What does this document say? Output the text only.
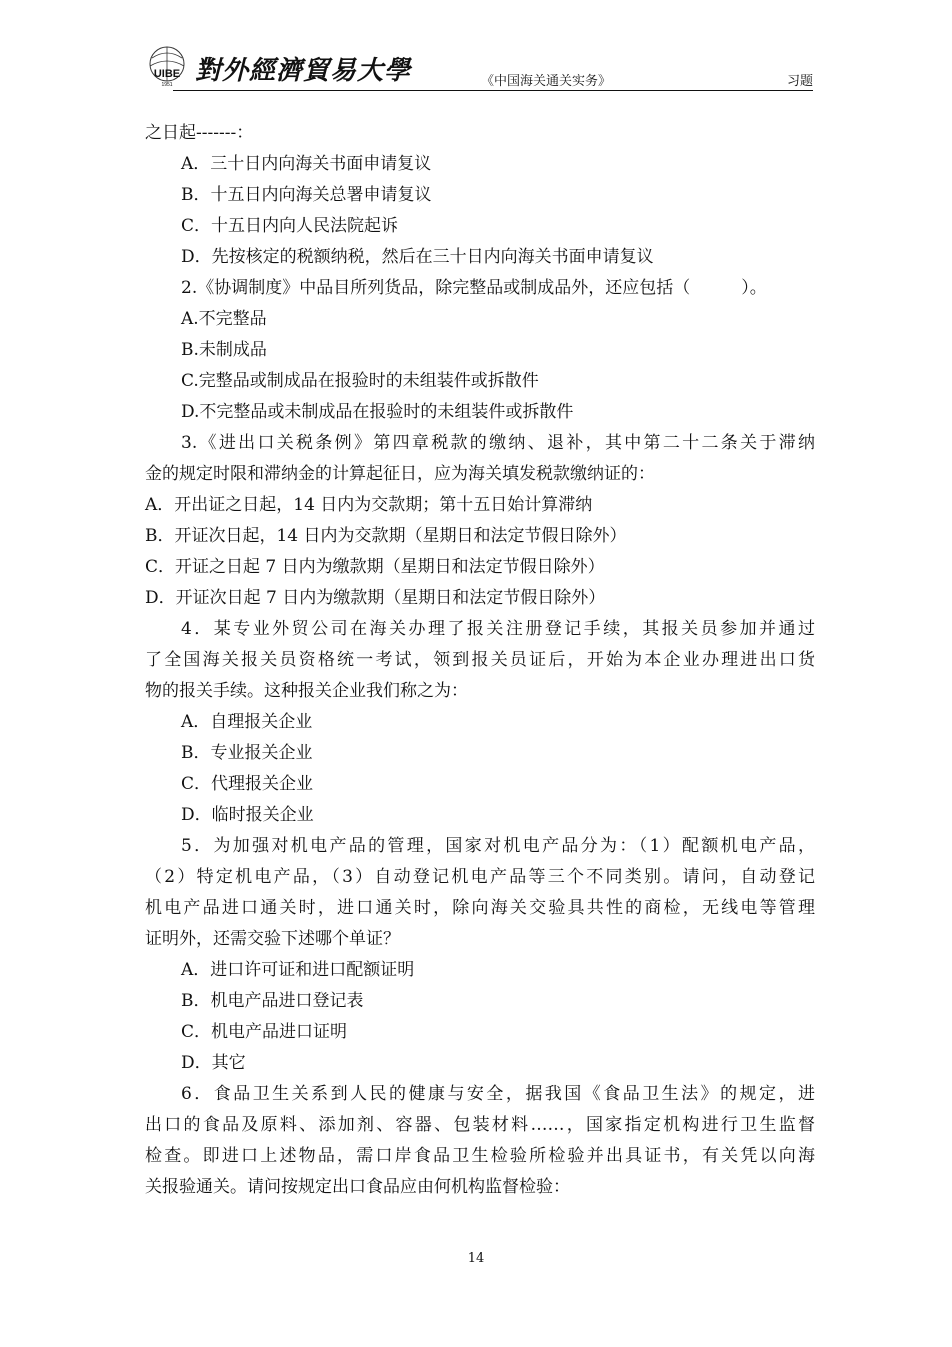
UIBE
1951 對外經濟貿易大學	《中国海关通关实务》	习题
之日起-------：
A．三十日内向海关书面申请复议
B．十五日内向海关总署申请复议
C．十五日内向人民法院起诉
D．先按核定的税额纳税，然后在三十日内向海关书面申请复议
2.《协调制度》中品目所列货品，除完整品或制成品外，还应包括（　　　）。
A.不完整品
B.未制成品
C.完整品或制成品在报验时的未组装件或拆散件
D.不完整品或未制成品在报验时的未组装件或拆散件
3.《进出口关税条例》第四章税款的缴纳、退补，其中第二十二条关于滞纳
金的规定时限和滞纳金的计算起征日，应为海关填发税款缴纳证的：
A．开出证之日起，14 日内为交款期；第十五日始计算滞纳
B．开证次日起，14 日内为交款期（星期日和法定节假日除外）
C．开证之日起 7 日内为缴款期（星期日和法定节假日除外）
D．开证次日起 7 日内为缴款期（星期日和法定节假日除外）
4．某专业外贸公司在海关办理了报关注册登记手续，其报关员参加并通过
了全国海关报关员资格统一考试，领到报关员证后，开始为本企业办理进出口货
物的报关手续。这种报关企业我们称之为：
A．自理报关企业
B．专业报关企业
C．代理报关企业
D．临时报关企业
5．为加强对机电产品的管理，国家对机电产品分为：（1）配额机电产品，
（2）特定机电产品，（3）自动登记机电产品等三个不同类别。请问，自动登记
机电产品进口通关时，进口通关时，除向海关交验具共性的商检，无线电等管理
证明外，还需交验下述哪个单证？
A．进口许可证和进口配额证明
B．机电产品进口登记表
C．机电产品进口证明
D．其它
6．食品卫生关系到人民的健康与安全，据我国《食品卫生法》的规定，进
出口的食品及原料、添加剂、容器、包装材料……，国家指定机构进行卫生监督
检查。即进口上述物品，需口岸食品卫生检验所检验并出具证书，有关凭以向海
关报验通关。请问按规定出口食品应由何机构监督检验：
14
